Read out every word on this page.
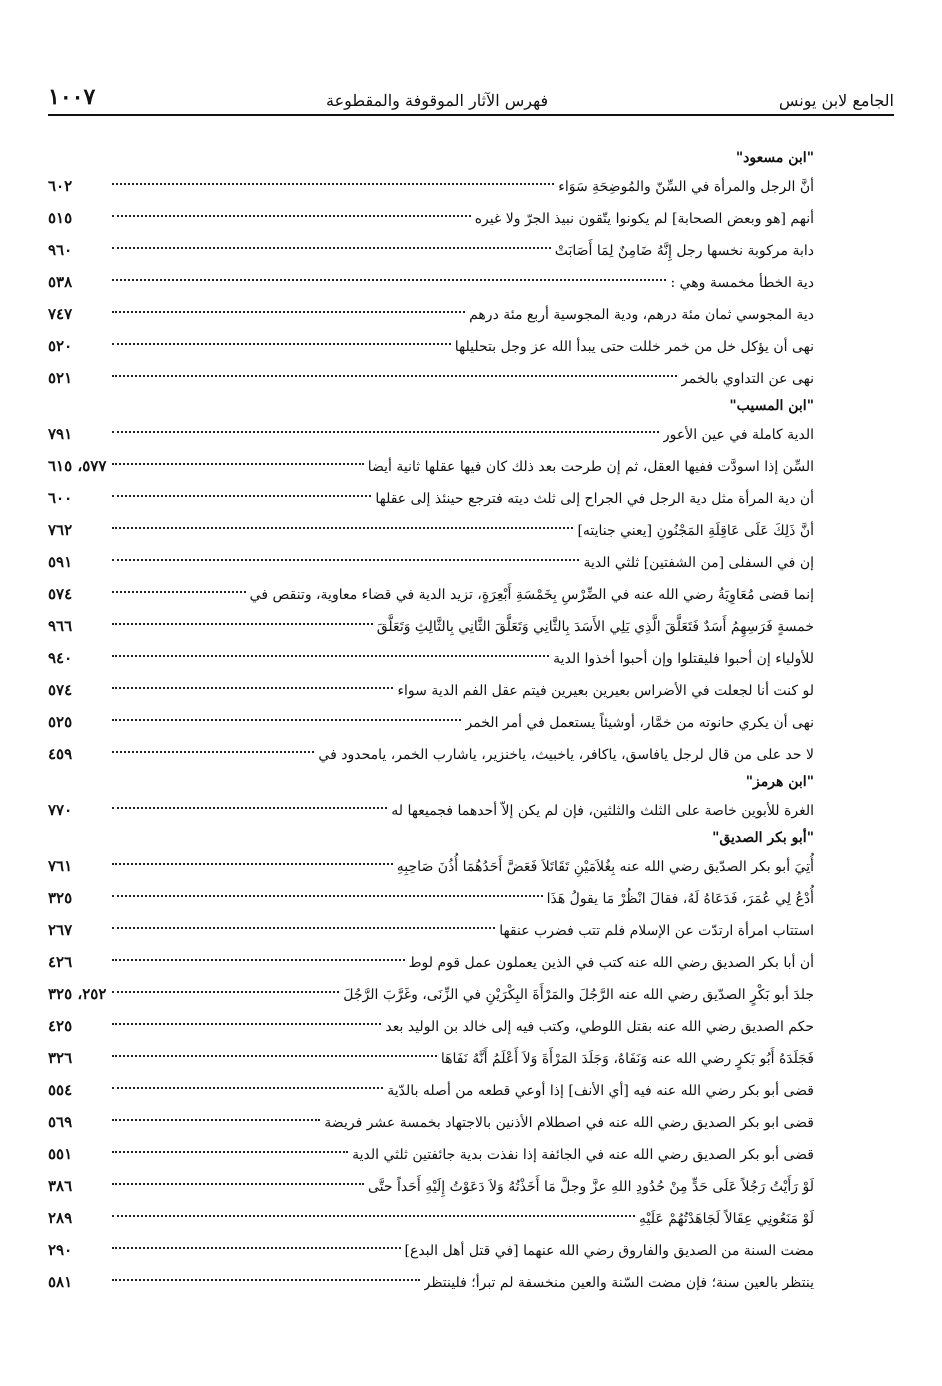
الجامع لابن يونس
فهرس الآثار الموقوفة والمقطوعة
١٠٠٧
"ابن مسعود"
أنَّ الرجل والمرأة في السِّنّ والمُوضِحَةِ سَوَاء
٦٠٢
أنهم [هو وبعض الصحابة] لم يكونوا يتّقون نبيذ الجرّ ولا غيره
٥١٥
دابة مركوبة نخسها رجل إِنَّهُ ضَامِنٌ لِمَا أَصَابَتْ
٩٦٠
دية الخطأ مخمسة وهي :
٥٣٨
دية المجوسي ثمان مئة درهم، ودية المجوسية أربع مئة درهم
٧٤٧
نهى أن يؤكل خل من خمر خللت حتى يبدأ الله عز وجل بتحليلها
٥٢٠
نهى عن التداوي بالخمر
٥٢١
"ابن المسيب"
الدية كاملة في عين الأعور
٧٩١
السِّن إذا اسودَّت ففيها العقل، ثم إن طرحت بعد ذلك كان فيها عقلها ثانية أيضا
٥٧٧، ٦١٥
أن دية المرأة مثل دية الرجل في الجراح إلى ثلث ديته فترجع حينئذ إلى عقلها
٦٠٠
أنَّ ذَلِكَ عَلَى عَاقِلَةِ المَجْنُونِ [يعني جنايته]
٧٦٢
إن في السفلى [من الشفتين] ثلثي الدية
٥٩١
إنما قضى مُعَاوِيَةُ رضي الله عنه في الضِّرْسِ بِخَمْسَةِ أَبْعِرَةٍ، تزيد الدية في قضاء معاوية، وتنقص في
٥٧٤
خمسةٍ فَرَسِهِمُ أَسَدٌ فَتَعَلَّقَ الَّذِي يَلِي الأَسَدَ بِالثَّانِي وَتَعَلَّقَ الثَّانِي بِالثَّالِثِ وَتَعَلَّقَ
٩٦٦
للأولياء إن أحبوا فليقتلوا وإن أحبوا أخذوا الدية
٩٤٠
لو كنت أنا لجعلت في الأضراس بعيرين بعيرين فيتم عقل الفم الدية سواء
٥٧٤
نهى أن يكري حانوته من خمَّار، أوشيئاً يستعمل في أمر الخمر
٥٢٥
لا حد على من قال لرجل يافاسق، ياكافر، ياخبيث، ياخنزير، ياشارب الخمر، يامحدود في
٤٥٩
"ابن هرمز"
الغرة للأبوين خاصة على الثلث والثلثين، فإن لم يكن إلاّ أحدهما فجميعها له
٧٧٠
"أبو بكر الصديق"
أُتِيَ أبو بكر الصدّيق رضي الله عنه بِغُلاَمَيْنِ تَقَاتَلاَ فَعَضَّ أَحَدُهُمَا أُذُنَ صَاحِبِهِ
٧٦١
أُدْعُ لِي عُمَرَ، فَدَعَاهُ لَهُ، فقالَ انْظُرْ مَا يقولُ هَذَا
٣٢٥
استتاب امرأة ارتدّت عن الإسلام فلم تتب فضرب عنقها
٢٦٧
أن أبا بكر الصديق رضي الله عنه كتب في الذين يعملون عمل قوم لوط
٤٢٦
جلدَ أبو بَكْرٍ الصدّيق رضي الله عنه الرَّجُلَ والمَرْأَةَ البِكْرَيْنِ في الزِّنَى، وغَرَّبَ الرَّجُلَ
٢٥٢، ٣٢٥
حكم الصديق رضي الله عنه بقتل اللوطي، وكتب فيه إلى خالد بن الوليد بعد
٤٢٥
فَجَلَدَهُ أَبُو بَكرٍ رضي الله عنه وَنَفَاهُ، وَجَلَدَ المَرْأَةَ وَلاَ أَعْلَمُ أَنَّهُ نَفَاهَا
٣٢٦
قضى أبو بكر رضي الله عنه فيه [أي الأنف] إذا أوعي قطعه من أصله بالدّية
٥٥٤
قضى ابو بكر الصديق رضي الله عنه في اصطلام الأذنين بالاجتهاد بخمسة عشر فريضة
٥٦٩
قضى أبو بكر الصديق رضي الله عنه في الجائفة إذا نفذت بدية جائفتين ثلثي الدية
٥٥١
لَوْ رَأَيْتُ رَجُلاً عَلَى حَدٍّ مِنْ حُدُودِ اللهِ عزَّ وجلَّ مَا أَخَذْتُهُ وَلاَ دَعَوْتُ إِلَيْهِ أَحَداً حتَّى
٣٨٦
لَوْ مَنَعُونِي عِقَالاً لَجَاهَدْتُهُمْ عَلَيْهِ
٢٨٩
مضت السنة من الصديق والفاروق رضي الله عنهما [في قتل أهل البدع]
٢٩٠
ينتظر بالعين سنة؛ فإن مضت السّنة والعين منخسفة لم تبرأ؛ فلينتظر
٥٨١
